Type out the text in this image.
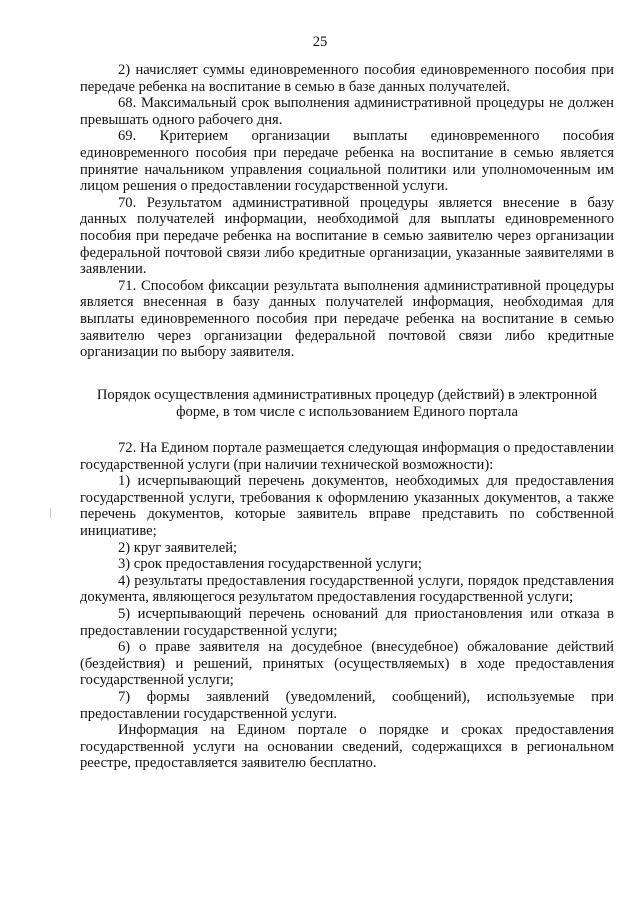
25

2) начисляет суммы единовременного пособия единовременного пособия при передаче ребенка на воспитание в семью в базе данных получателей.

68. Максимальный срок выполнения административной процедуры не должен превышать одного рабочего дня.

69. Критерием организации выплаты единовременного пособия единовременного пособия при передаче ребенка на воспитание в семью является принятие начальником управления социальной политики или уполномоченным им лицом решения о предоставлении государственной услуги.

70. Результатом административной процедуры является внесение в базу данных получателей информации, необходимой для выплаты единовременного пособия при передаче ребенка на воспитание в семью заявителю через организации федеральной почтовой связи либо кредитные организации, указанные заявителями в заявлении.

71. Способом фиксации результата выполнения административной процедуры является внесенная в базу данных получателей информация, необходимая для выплаты единовременного пособия при передаче ребенка на воспитание в семью заявителю через организации федеральной почтовой связи либо кредитные организации по выбору заявителя.

Порядок осуществления административных процедур (действий) в электронной
форме, в том числе с использованием Единого портала

72. На Едином портале размещается следующая информация о предоставлении государственной услуги (при наличии технической возможности):

1) исчерпывающий перечень документов, необходимых для предоставления государственной услуги, требования к оформлению указанных документов, а также перечень документов, которые заявитель вправе представить по собственной инициативе;

2) круг заявителей;

3) срок предоставления государственной услуги;

4) результаты предоставления государственной услуги, порядок представления документа, являющегося результатом предоставления государственной услуги;

5) исчерпывающий перечень оснований для приостановления или отказа в предоставлении государственной услуги;

6) о праве заявителя на досудебное (внесудебное) обжалование действий (бездействия) и решений, принятых (осуществляемых) в ходе предоставления государственной услуги;

7) формы заявлений (уведомлений, сообщений), используемые при предоставлении государственной услуги.

Информация на Едином портале о порядке и сроках предоставления государственной услуги на основании сведений, содержащихся в региональном реестре, предоставляется заявителю бесплатно.
